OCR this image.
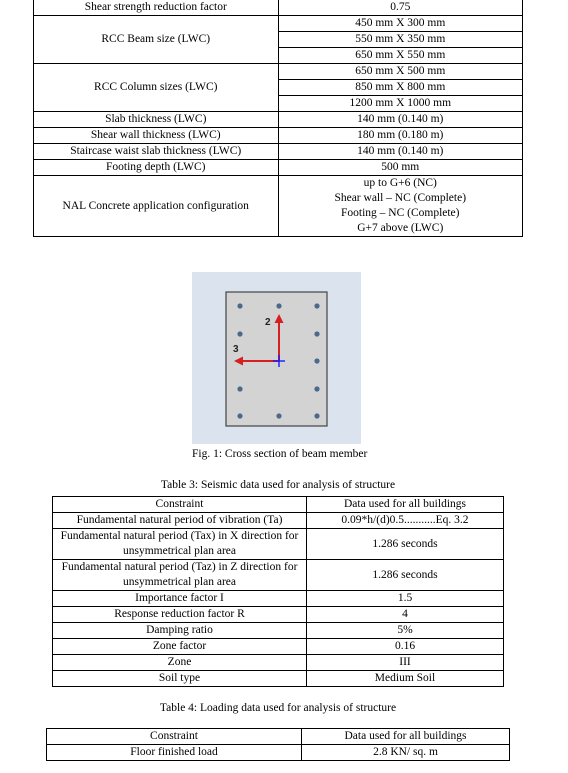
Shear strength reduction factor	0.75
RCC Beam size (LWC)	450 mm X 300 mm
	550 mm X 350 mm
	650 mm X 550 mm
RCC Column sizes (LWC)	650 mm X 500 mm
	850 mm X 800 mm
	1200 mm X 1000 mm
Slab thickness (LWC)	140 mm (0.140 m)
Shear wall thickness (LWC)	180 mm (0.180 m)
Staircase waist slab thickness (LWC)	140 mm (0.140 m)
Footing depth (LWC)	500 mm
NAL Concrete application configuration	up to G+6 (NC)
Shear wall – NC (Complete)
Footing – NC (Complete)
G+7 above (LWC)
2
3
Fig. 1: Cross section of beam member
Table 3: Seismic data used for analysis of structure
Constraint	Data used for all buildings
Fundamental natural period of vibration (Ta)	0.09*h/(d)0.5...........Eq. 3.2
Fundamental natural period (Tax) in X direction for unsymmetrical plan area	1.286 seconds
Fundamental natural period (Taz) in Z direction for unsymmetrical plan area	1.286 seconds
Importance factor I	1.5
Response reduction factor R	4
Damping ratio	5%
Zone factor	0.16
Zone	III
Soil type	Medium Soil
Table 4: Loading data used for analysis of structure
Constraint	Data used for all buildings
Floor finished load	2.8 KN/ sq. m
